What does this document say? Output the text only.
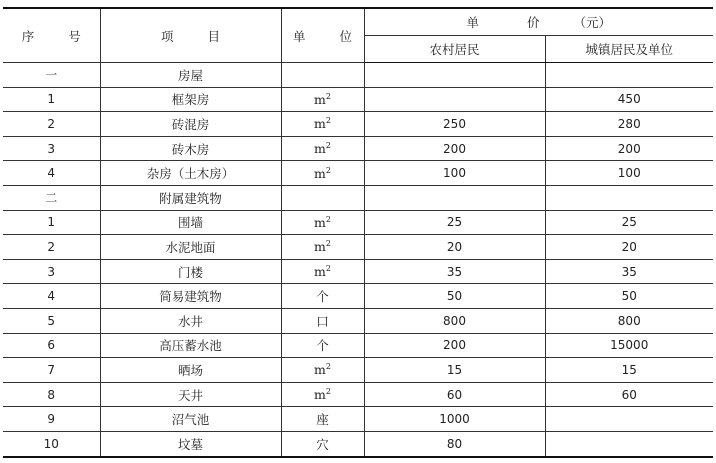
序 号	项 目	单 位	单 价 （元）	
			农村居民	城镇居民及单位
一	房屋			
1	框架房	$m^2$		450
2	砖混房	$m^2$	250	280
3	砖木房	$m^2$	200	200
4	杂房（土木房）	$m^2$	100	100
二	附属建筑物			
1	围墙	$m^2$	25	25
2	水泥地面	$m^2$	20	20
3	门楼	$m^2$	35	35
4	简易建筑物	个	50	50
5	水井	口	800	800
6	高压蓄水池	个	200	15000
7	晒场	$m^2$	15	15
8	天井	$m^2$	60	60
9	沼气池	座	1000	
10	坟墓	穴	80	
